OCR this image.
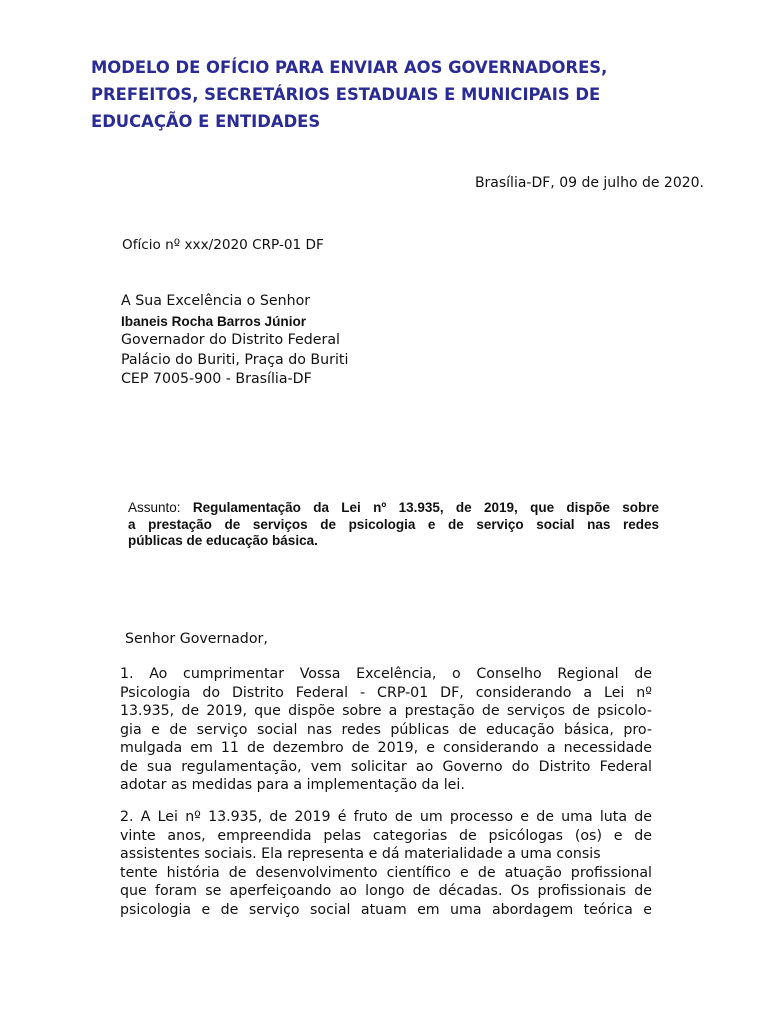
MODELO DE OFÍCIO PARA ENVIAR AOS GOVERNADORES,
PREFEITOS, SECRETÁRIOS ESTADUAIS E MUNICIPAIS DE
EDUCAÇÃO E ENTIDADES
Brasília-DF, 09 de julho de 2020.
Ofício nº xxx/2020 CRP-01 DF
A Sua Excelência o Senhor
Ibaneis Rocha Barros Júnior
Governador do Distrito Federal
Palácio do Buriti, Praça do Buriti
CEP 7005-900 - Brasília-DF
Assunto: Regulamentação da Lei nº 13.935, de 2019, que dispõe sobre
a prestação de serviços de psicologia e de serviço social nas redes
públicas de educação básica.
Senhor Governador,
1. Ao cumprimentar Vossa Excelência, o Conselho Regional de
Psicologia do Distrito Federal - CRP-01 DF, considerando a Lei nº
13.935, de 2019, que dispõe sobre a prestação de serviços de psicolo-
gia e de serviço social nas redes públicas de educação básica, pro-
mulgada em 11 de dezembro de 2019, e considerando a necessidade
de sua regulamentação, vem solicitar ao Governo do Distrito Federal
adotar as medidas para a implementação da lei.
2. A Lei nº 13.935, de 2019 é fruto de um processo e de uma luta de
vinte anos, empreendida pelas categorias de psicólogas (os) e de
assistentes sociais. Ela representa e dá materialidade a uma consis
tente história de desenvolvimento científico e de atuação profissional
que foram se aperfeiçoando ao longo de décadas. Os profissionais de
psicologia e de serviço social atuam em uma abordagem teórica e
